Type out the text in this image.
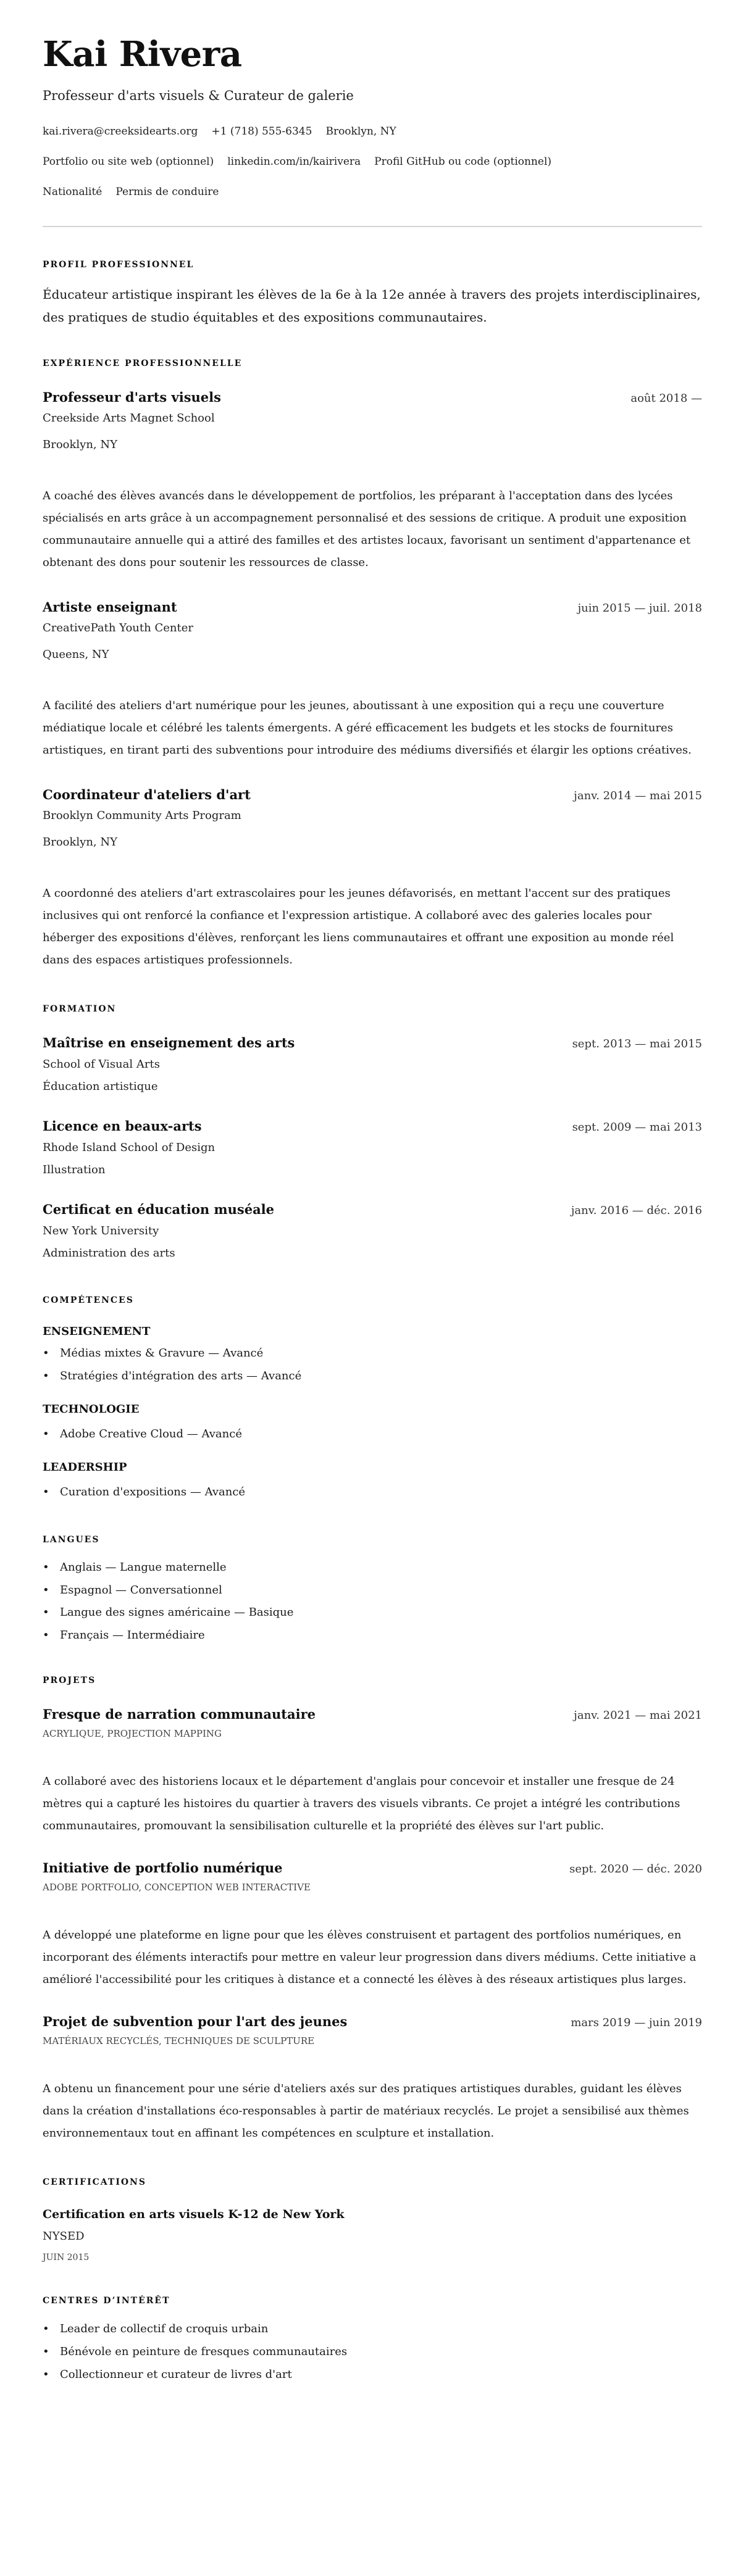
Kai Rivera
Professeur d'arts visuels & Curateur de galerie
kai.rivera@creeksidearts.org +1 (718) 555-6345 Brooklyn, NY
Portfolio ou site web (optionnel) linkedin.com/in/kairivera Profil GitHub ou code (optionnel)
Nationalité Permis de conduire
PROFIL PROFESSIONNEL

Éducateur artistique inspirant les élèves de la 6e à la 12e année à travers des projets interdisciplinaires, des pratiques de studio équitables et des expositions communautaires.

EXPÉRIENCE PROFESSIONNELLE
Professeur d'arts visuels	août 2018 —
Creekside Arts Magnet School
Brooklyn, NY

A coaché des élèves avancés dans le développement de portfolios, les préparant à l'acceptation dans des lycées spécialisés en arts grâce à un accompagnement personnalisé et des sessions de critique. A produit une exposition communautaire annuelle qui a attiré des familles et des artistes locaux, favorisant un sentiment d'appartenance et obtenant des dons pour soutenir les ressources de classe.

Artiste enseignant	juin 2015 — juil. 2018
CreativePath Youth Center
Queens, NY

A facilité des ateliers d'art numérique pour les jeunes, aboutissant à une exposition qui a reçu une couverture médiatique locale et célébré les talents émergents. A géré efficacement les budgets et les stocks de fournitures artistiques, en tirant parti des subventions pour introduire des médiums diversifiés et élargir les options créatives.

Coordinateur d'ateliers d'art	janv. 2014 — mai 2015
Brooklyn Community Arts Program
Brooklyn, NY

A coordonné des ateliers d'art extrascolaires pour les jeunes défavorisés, en mettant l'accent sur des pratiques inclusives qui ont renforcé la confiance et l'expression artistique. A collaboré avec des galeries locales pour héberger des expositions d'élèves, renforçant les liens communautaires et offrant une exposition au monde réel dans des espaces artistiques professionnels.

FORMATION
Maîtrise en enseignement des arts	sept. 2013 — mai 2015
School of Visual Arts
Éducation artistique
Licence en beaux-arts	sept. 2009 — mai 2013
Rhode Island School of Design
Illustration
Certificat en éducation muséale	janv. 2016 — déc. 2016
New York University
Administration des arts
COMPÉTENCES
ENSEIGNEMENT
• Médias mixtes & Gravure — Avancé
• Stratégies d'intégration des arts — Avancé
TECHNOLOGIE
• Adobe Creative Cloud — Avancé
LEADERSHIP
• Curation d'expositions — Avancé
LANGUES
• Anglais — Langue maternelle
• Espagnol — Conversationnel
• Langue des signes américaine — Basique
• Français — Intermédiaire
PROJETS
Fresque de narration communautaire	janv. 2021 — mai 2021
ACRYLIQUE, PROJECTION MAPPING

A collaboré avec des historiens locaux et le département d'anglais pour concevoir et installer une fresque de 24 mètres qui a capturé les histoires du quartier à travers des visuels vibrants. Ce projet a intégré les contributions communautaires, promouvant la sensibilisation culturelle et la propriété des élèves sur l'art public.

Initiative de portfolio numérique	sept. 2020 — déc. 2020
ADOBE PORTFOLIO, CONCEPTION WEB INTERACTIVE

A développé une plateforme en ligne pour que les élèves construisent et partagent des portfolios numériques, en incorporant des éléments interactifs pour mettre en valeur leur progression dans divers médiums. Cette initiative a amélioré l'accessibilité pour les critiques à distance et a connecté les élèves à des réseaux artistiques plus larges.

Projet de subvention pour l'art des jeunes	mars 2019 — juin 2019
MATÉRIAUX RECYCLÉS, TECHNIQUES DE SCULPTURE

A obtenu un financement pour une série d'ateliers axés sur des pratiques artistiques durables, guidant les élèves dans la création d'installations éco-responsables à partir de matériaux recyclés. Le projet a sensibilisé aux thèmes environnementaux tout en affinant les compétences en sculpture et installation.

CERTIFICATIONS
Certification en arts visuels K-12 de New York
NYSED
JUIN 2015
CENTRES D’INTÉRÊT
• Leader de collectif de croquis urbain
• Bénévole en peinture de fresques communautaires
• Collectionneur et curateur de livres d'art
